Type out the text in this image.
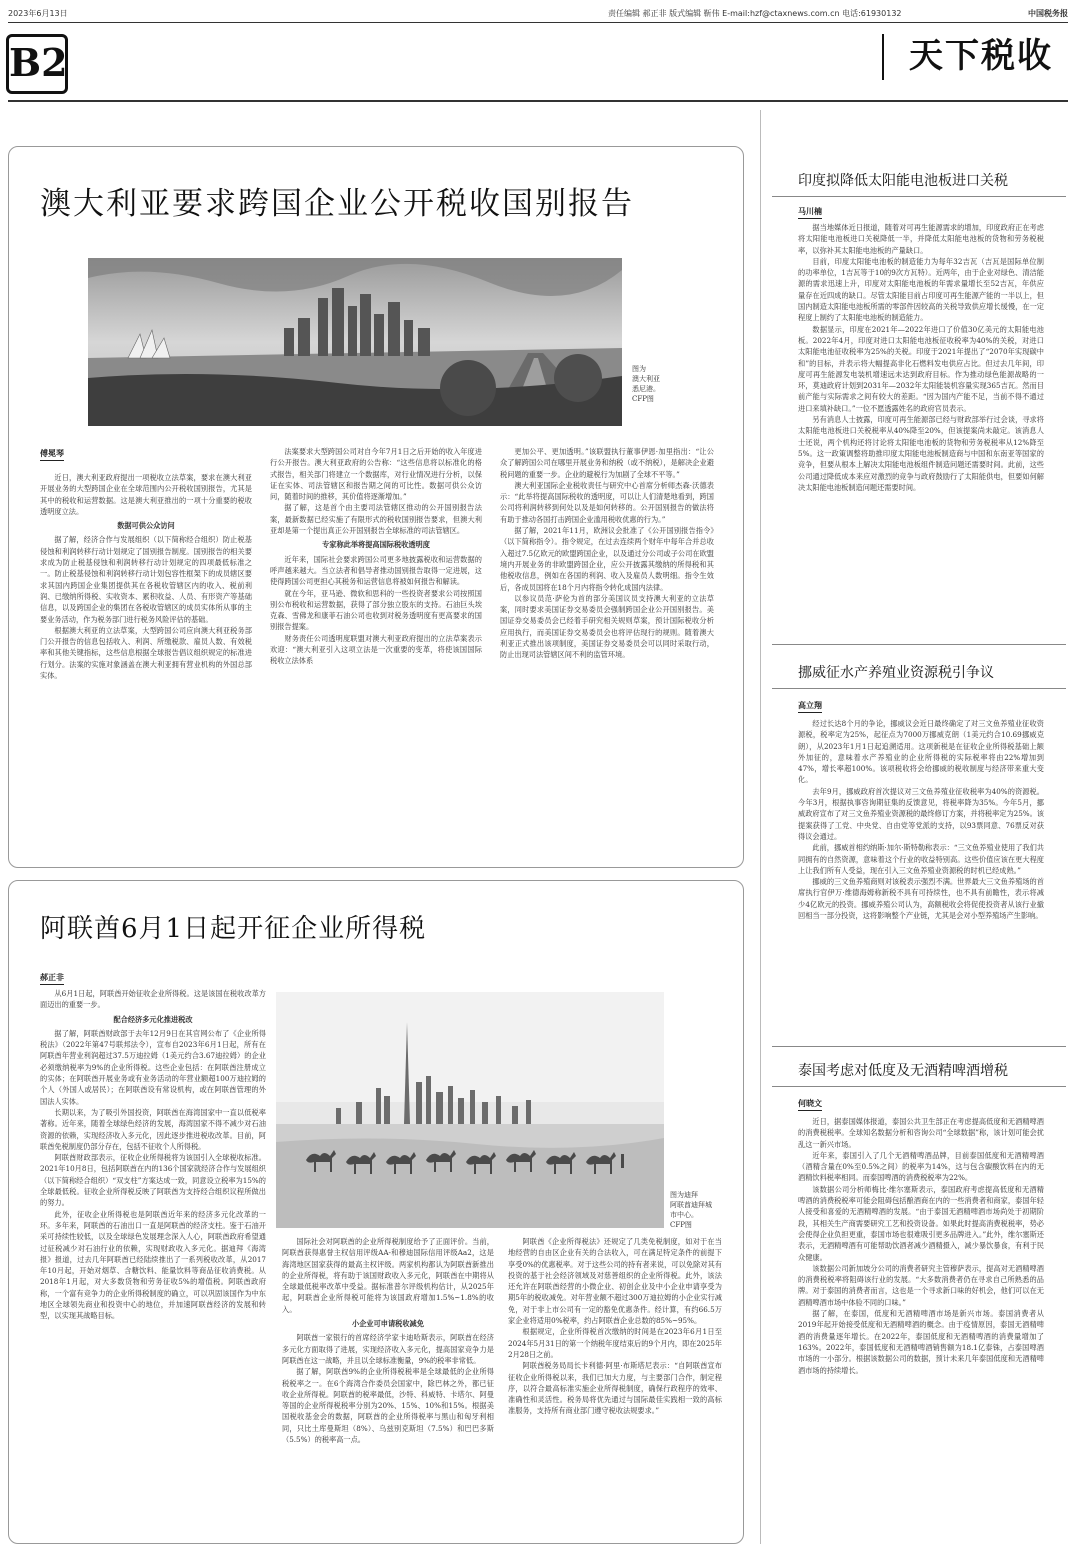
2023年6月13日	责任编辑 郝正非 版式编辑 靳伟 E-mail:hzf@ctaxnews.com.cn 电话:61930132	中国税务报
B2	天下税收
澳大利亚要求跨国企业公开税收国别报告
图为
澳大利亚
悉尼港。
CFP图
傅冕琴

近日，澳大利亚政府提出一项税收立法草案，要求在澳大利亚开展业务的大型跨国企业在全球范围内公开税收国别报告，尤其是其中的税收和运营数据。这是澳大利亚推出的一项十分重要的税收透明度立法。

数据可供公众访问

据了解，经济合作与发展组织（以下简称经合组织）防止税基侵蚀和利润转移行动计划规定了国别报告制度。国别报告的相关要求成为防止税基侵蚀和利润转移行动计划规定的四项最低标准之一。防止税基侵蚀和利润转移行动计划包容性框架下的成员辖区要求其国内跨国企业集团提供其在各税收管辖区内的收入、税前利润、已缴纳所得税、实收资本、累积收益、人员、有形资产等基础信息，以及跨国企业的集团在各税收管辖区的成员实体所从事的主要业务活动，作为税务部门进行税务风险评估的基础。

根据澳大利亚的立法草案，大型跨国公司应向澳大利亚税务部门公开报告的信息包括收入、利润、所缴税款、雇员人数、有效税率和其他关键指标，这些信息根据全球报告倡议组织规定的标准进行划分。法案的实施对象涵盖在澳大利亚拥有营业机构的外国总部实体。

法案要求大型跨国公司对自今年7月1日之后开始的收入年度进行公开报告。澳大利亚政府的公告称：“这些信息将以标准化的格式报告，相关部门将建立一个数据库，对行业情况进行分析，以保证在实体、司法管辖区和报告期之间的可比性。数据可供公众访问，随着时间的推移，其价值将逐渐增加。”

据了解，这是首个由主要司法管辖区推动的公开国别报告法案，最新数据已经实施了有限形式的税收国别报告要求，但澳大利亚却是第一个提出真正公开国别报告全球标准的司法管辖区。

专家称此举将提高国际税收透明度

近年来，国际社会要求跨国公司更多地披露税收和运营数据的呼声越来越大。当立法者和倡导者推动国别报告取得一定进展，这使得跨国公司更担心其税务和运营信息将被如何报告和解读。

就在今年，亚马逊、微软和思科的一些投资者要求公司按照国别公布税收和运营数据，获得了部分独立股东的支持。石油巨头埃克森、雪佛龙和康菲石油公司也收到对税务透明度有更高要求的国别报告提案。

财务责任公司透明度联盟对澳大利亚政府提出的立法草案表示欢迎：“澳大利亚引入这项立法是一次重要的变革，将使该国国际税收立法体系

更加公平、更加透明。”该联盟执行董事伊恩·加里指出：“让公众了解跨国公司在哪里开展业务和纳税（或不纳税），是解决企业避税问题的重要一步。企业的避税行为加剧了全球不平等。”

澳大利亚国际企业税收责任与研究中心首席分析师杰森·沃德表示：“此举将提高国际税收的透明度，可以让人们清楚地看到，跨国公司将利润转移到何处以及是如何转移的。公开国别报告的做法将有助于推动各国打击跨国企业滥用税收优惠的行为。”

据了解，2021年11月，欧洲议会批准了《公开国别报告指令》（以下简称指令）。指令规定，在过去连续两个财年中每年合并总收入超过7.5亿欧元的欧盟跨国企业，以及通过分公司或子公司在欧盟境内开展业务的非欧盟跨国企业，应公开披露其缴纳的所得税和其他税收信息，例如在各国的利润、收入及雇员人数明细。指令生效后，各成员国将在18个月内将指令转化成国内法律。

以参议员范·萨伦为首的部分美国议员支持澳大利亚的立法草案，同时要求美国证券交易委员会强制跨国企业公开国别报告。美国证券交易委员会已经着手研究相关规则草案，预计国际税收分析应用执行，而美国证券交易委员会也将评估现行的规则。随着澳大利亚正式推出该项制度，美国证券交易委员会可以同时采取行动，防止出现司法管辖区间不利的监管环境。

阿联酋6月1日起开征企业所得税
郝正非
图为迪拜
阿联酋迪拜城
市中心。
CFP图

从6月1日起，阿联酋开始征收企业所得税。这是该国在税收改革方面迈出的重要一步。

配合经济多元化推进税改

据了解，阿联酋财政部于去年12月9日在其官网公布了《企业所得税法》（2022年第47号联邦法令），宣布自2023年6月1日起，所有在阿联酋年营业利润超过37.5万迪拉姆（1美元约合3.67迪拉姆）的企业必须缴纳税率为9%的企业所得税。这些企业包括：在阿联酋注册成立的实体；在阿联酋开展业务或有业务活动的年营业额超100万迪拉姆的个人（外国人或居民）；在阿联酋设有常设机构，或在阿联酋管理的外国法人实体。

长期以来，为了吸引外国投资，阿联酋在海湾国家中一直以低税率著称。近年来，随着全球绿色经济的发展，海湾国家不得不减少对石油资源的依赖，实现经济收入多元化，因此逐步推进税收改革。目前，阿联酋免税制度仍部分存在，包括不征收个人所得税。

阿联酋财政部表示，征收企业所得税将为该国引入全球税收标准。2021年10月8日，包括阿联酋在内的136个国家就经济合作与发展组织（以下简称经合组织）“双支柱”方案达成一致，同意设立税率为15%的全球最低税。征收企业所得税反映了阿联酋为支持经合组织议程所做出的努力。

此外，征收企业所得税也是阿联酋近年来的经济多元化改革的一环。多年来，阿联酋的石油出口一直是阿联酋的经济支柱。鉴于石油开采可持续性较低，以及全球绿色发展理念深入人心，阿联酋政府希望通过征税减少对石油行业的依赖，实现财政收入多元化。据迪拜《海湾报》报道，过去几年阿联酋已经陆续推出了一系列税收改革，从2017年10月起，开始对烟草、含糖饮料、能量饮料等商品征收消费税。从2018年1月起，对大多数货物和劳务征收5%的增值税。阿联酋政府称，一个富有竞争力的企业所得税制度的确立，可以巩固该国作为中东地区全球领先商业和投资中心的地位，并加速阿联酋经济的发展和转型，以实现其战略目标。

国际社会对阿联酋的企业所得税制度给予了正面评价。当前，阿联酋获得惠誉主权信用评级AA-和穆迪国际信用评级Aa2，这是海湾地区国家获得的最高主权评级。两家机构都认为阿联酋新推出的企业所得税，将有助于该国财政收入多元化，阿联酋在中期将从全球最低税率改革中受益。据标准普尔评级机构估计，从2025年起，阿联酋企业所得税可能将为该国政府增加1.5%~1.8%的收入。

小企业可申请税收减免

阿联酋一家银行的首席经济学家卡迪哈斯表示，阿联酋在经济多元化方面取得了进展，实现经济收入多元化，提高国家竞争力是阿联酋在这一战略，并且以全球标准衡量，9%的税率非常低。

据了解，阿联酋9%的企业所得税税率是全球最低的企业所得税税率之一。在6个海湾合作委员会国家中，除巴林之外，都已征收企业所得税。阿联酋的税率最低，沙特、科威特、卡塔尔、阿曼等国的企业所得税税率分别为20%、15%、10%和15%。根据美国税收基金会的数据，阿联酋的企业所得税率与黑山和匈牙利相同，只比土库曼斯坦（8%）、乌兹别克斯坦（7.5%）和巴巴多斯（5.5%）的税率高一点。

阿联酋《企业所得税法》还规定了几类免税制度，如对于在当地经营的自由区企业有关的合法收入，可在满足特定条件的前提下享受0%的优惠税率。对于这些公司的持有者来说，可以免除对其有投资的基于社会经济领域及对慈善组织的企业所得税。此外，该法还允许在阿联酋经营的小微企业、初创企业及中小企业申请享受为期5年的税收减免。对年营业额不超过300万迪拉姆的小企业实行减免，对于非上市公司有一定的豁免优惠条件。经计算，有约66.5万家企业将适用0%税率，约占阿联酋企业总数的85%~95%。

根据规定，企业所得税首次缴纳的时间是在2023年6月1日至2024年5月31日的第一个纳税年度结束后的9个月内，即在2025年2月28日之前。

阿联酋税务局局长卡利德·阿里·布斯塔尼表示：“自阿联酋宣布征收企业所得税以来，我们已加大力度，与主要部门合作，制定程序，以符合最高标准实施企业所得税制度，确保行政程序的效率、准确性和灵活性。税务局将优先通过与国际最佳实践相一致的高标准服务，支持所有商业部门遵守税收法规要求。”

印度拟降低太阳能电池板进口关税
马川楠

据当地媒体近日报道，随着对可再生能源需求的增加，印度政府正在考虑将太阳能电池板进口关税降低一半，并降低太阳能电池板的货物和劳务税税率，以弥补其太阳能电池板的产量缺口。

目前，印度太阳能电池板的制造能力为每年32吉瓦（吉瓦是国际单位制的功率单位，1吉瓦等于10的9次方瓦特）。近两年，由于企业对绿色、清洁能源的需求迅速上升，印度对太阳能电池板的年需求量增长至52吉瓦，年供应量存在近四成的缺口。尽管太阳能目前占印度可再生能源产能的一半以上，但国内制造太阳能电池板所需的零部件因较高的关税导致供应增长缓慢，在一定程度上制约了太阳能电池板的制造能力。

数据显示，印度在2021年—2022年进口了价值30亿美元的太阳能电池板。2022年4月，印度对进口太阳能电池板征收税率为40%的关税，对进口太阳能电池征收税率为25%的关税。印度于2021年提出了“2070年实现碳中和”的目标，并表示将大幅提高非化石燃料发电供应占比。但过去几年间，印度可再生能源发电装机增速远未达到政府目标。作为推动绿色能源战略的一环，莫迪政府计划到2031年—2032年太阳能装机容量实现365吉瓦。然而目前产能与实际需求之间有较大的差距。“因为国内产能不足，当前不得不通过进口来填补缺口。”一位不愿透露姓名的政府官员表示。

另有消息人士披露，印度可再生能源部已经与财政部举行过会谈，寻求将太阳能电池板进口关税税率从40%降至20%，但该提案尚未敲定。该消息人士还说，两个机构还将讨论将太阳能电池板的货物和劳务税税率从12%降至5%。这一政策调整将助推印度太阳能电池板制造商与中国和东南亚等国家的竞争，但要从根本上解决太阳能电池板组件制造问题还需要时间。此前，这些公司通过降低成本来应对激烈的竞争与政府鼓励行了太阳能供电，但要如何解决太阳能电池板制造问题还需要时间。

挪威征水产养殖业资源税引争议
高立翔

经过长达8个月的争论，挪威议会近日最终确定了对三文鱼养殖业征收资源税，税率定为25%，起征点为7000万挪威克朗（1美元约合10.69挪威克朗），从2023年1月1日起追溯适用。这项新税是在征收企业所得税基础上额外加征的，意味着水产养殖业的企业所得税的实际税率将由22%增加到47%，增长率超100%。该项税收将会给挪威的税收制度与经济带来重大变化。

去年9月，挪威政府首次提议对三文鱼养殖业征收税率为40%的资源税。今年3月，根据执事咨询期征集的反馈意见，将税率降为35%。今年5月，挪威政府宣布了对三文鱼养殖业资源税的最终修订方案，并将税率定为25%。该提案获得了工党、中央党、自由党等党派的支持，以93票同意、76票反对获得议会通过。

此前，挪威首相约纳斯·加尔·斯特勒称表示：“三文鱼养殖业使用了我们共同拥有的自然资源，意味着这个行业的收益特别高。这些价值应该在更大程度上让我们所有人受益，现在引入三文鱼养殖业资源税的时机已经成熟。”

挪威的三文鱼养殖商则对该税表示强烈不满。世界最大三文鱼养殖场的首席执行官伊万·维德海姆称新税不具有可持续性，也不具有前瞻性，表示将减少4亿欧元的投资。挪威养殖公司认为，高额税收会将促使投资者从该行业撤回相当一部分投资，这将影响整个产业链，尤其是会对小型养殖场产生影响。

泰国考虑对低度及无酒精啤酒增税
何晓文

近日，据泰国媒体报道，泰国公共卫生部正在考虑提高低度和无酒精啤酒的消费税税率。全球知名数据分析和咨询公司“全球数据”称，该计划可能会扰乱这一新兴市场。

近年来，泰国引入了几个无酒精啤酒品牌，目前泰国低度和无酒精啤酒（酒精含量在0%至0.5%之间）的税率为14%，这与包含碳酸饮料在内的无酒精饮料税率相同。而泰国啤酒的消费税税率为22%。

该数据公司分析师梅比·维尔塞斯表示，泰国政府考虑提高低度和无酒精啤酒的消费税税率可能会阻碍包括酿酒商在内的一些消费者和商家，泰国年轻人接受和喜爱的无酒精啤酒的发展。“由于泰国无酒精啤酒市场尚处于初期阶段，其相关生产商需要研究工艺和投资设备。如果此时提高消费税税率，势必会使得企业负担更重，泰国市场也很难吸引更多品牌进入。”此外，维尔塞斯还表示，无酒精啤酒有可能帮助饮酒者减少酒精摄入，减少暴饮暴食，有利于民众健康。

该数据公司新加坡分公司的消费者研究主管穆萨表示，提高对无酒精啤酒的消费税税率将阻碍该行业的发展。“大多数消费者仍在寻求自己所熟悉的品牌。对于泰国的消费者而言，这也是一个寻求新口味的好机会，他们可以在无酒精啤酒市场中体验不同的口味。”

据了解，在泰国，低度和无酒精啤酒市场是新兴市场。泰国消费者从2019年起开始接受低度和无酒精啤酒的概念。由于疫情原因，泰国无酒精啤酒的消费量逐年增长。在2022年，泰国低度和无酒精啤酒的消费量增加了163%。2022年，泰国低度和无酒精啤酒销售额为18.1亿泰铢，占泰国啤酒市场的一小部分。根据该数据公司的数据，预计未来几年泰国低度和无酒精啤酒市场的持续增长。
